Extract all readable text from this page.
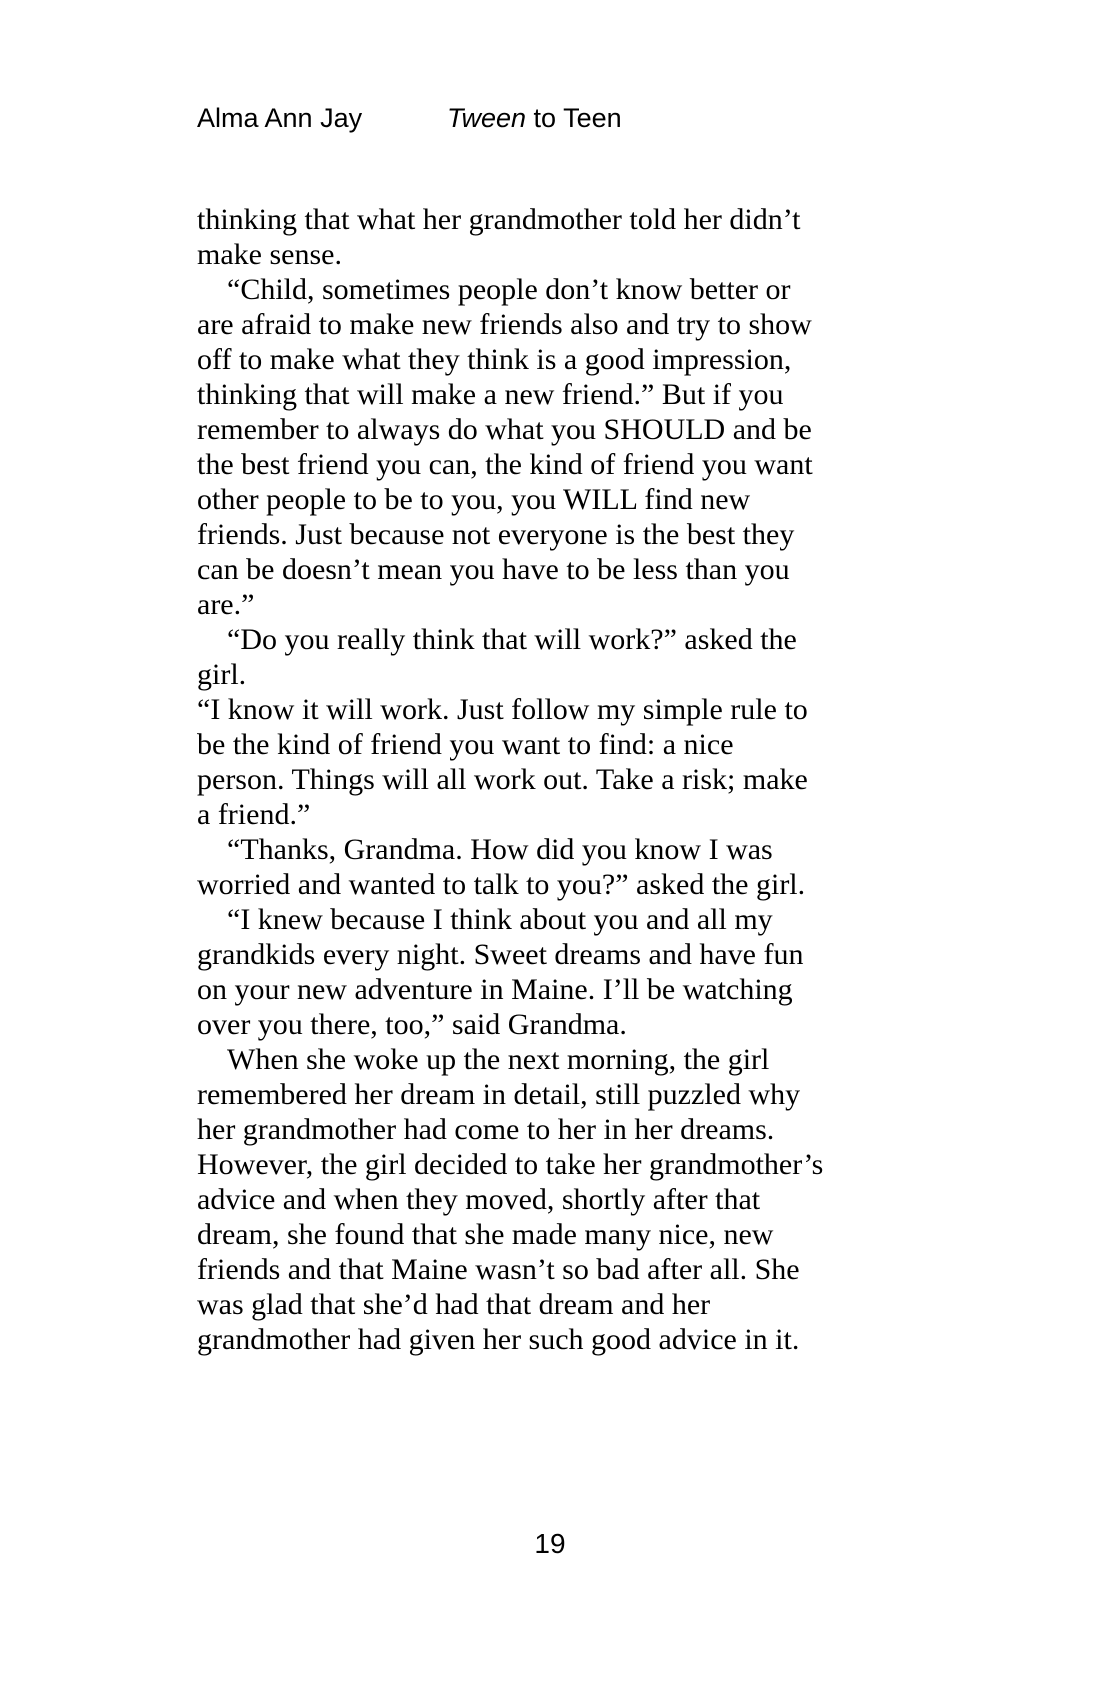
Alma Ann Jay	Tween to Teen
thinking that what her grandmother told her didn’t
make sense.
“Child, sometimes people don’t know better or
are afraid to make new friends also and try to show
off to make what they think is a good impression,
thinking that will make a new friend.” But if you
remember to always do what you SHOULD and be
the best friend you can, the kind of friend you want
other people to be to you, you WILL find new
friends. Just because not everyone is the best they
can be doesn’t mean you have to be less than you
are.”
“Do you really think that will work?” asked the
girl.
“I know it will work. Just follow my simple rule to
be the kind of friend you want to find: a nice
person. Things will all work out. Take a risk; make
a friend.”
“Thanks, Grandma. How did you know I was
worried and wanted to talk to you?” asked the girl.
“I knew because I think about you and all my
grandkids every night. Sweet dreams and have fun
on your new adventure in Maine. I’ll be watching
over you there, too,” said Grandma.
When she woke up the next morning, the girl
remembered her dream in detail, still puzzled why
her grandmother had come to her in her dreams.
However, the girl decided to take her grandmother’s
advice and when they moved, shortly after that
dream, she found that she made many nice, new
friends and that Maine wasn’t so bad after all. She
was glad that she’d had that dream and her
grandmother had given her such good advice in it.
19
